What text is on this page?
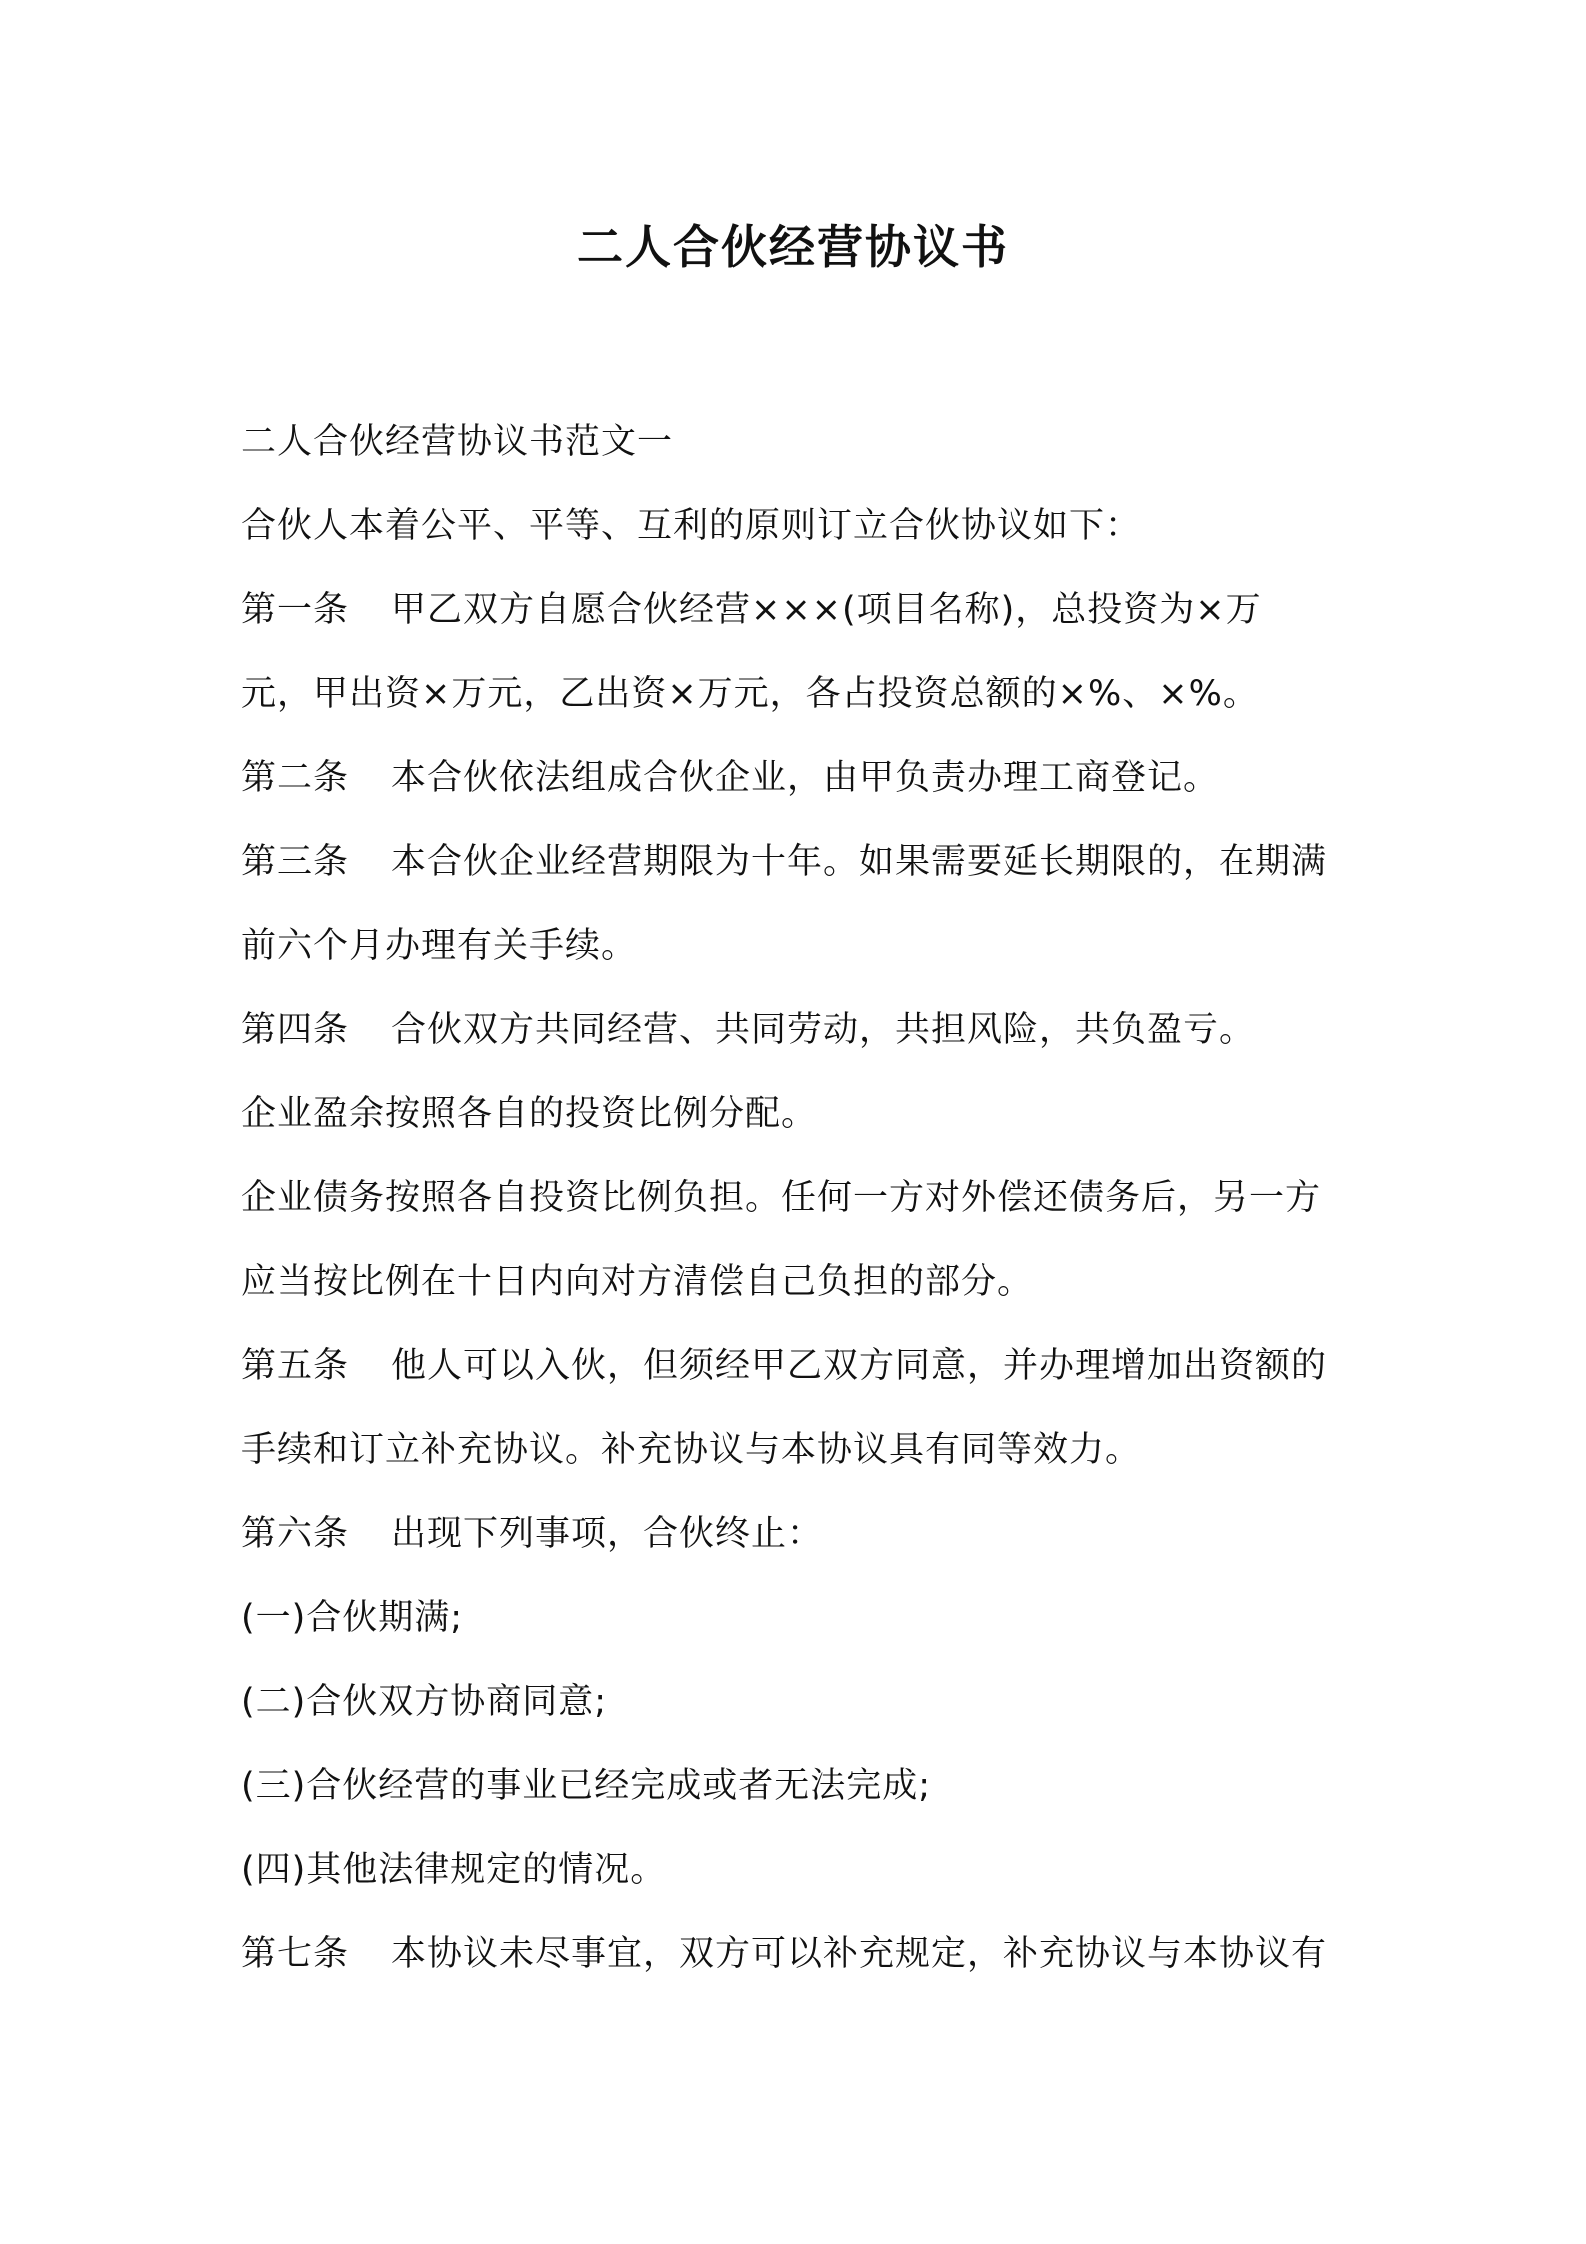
二人合伙经营协议书
二人合伙经营协议书范文一
合伙人本着公平、平等、互利的原则订立合伙协议如下：
第一条 甲乙双方自愿合伙经营×××(项目名称)，总投资为×万
元，甲出资×万元，乙出资×万元，各占投资总额的×%、×%。
第二条 本合伙依法组成合伙企业，由甲负责办理工商登记。
第三条 本合伙企业经营期限为十年。如果需要延长期限的，在期满
前六个月办理有关手续。
第四条 合伙双方共同经营、共同劳动，共担风险，共负盈亏。
企业盈余按照各自的投资比例分配。
企业债务按照各自投资比例负担。任何一方对外偿还债务后，另一方
应当按比例在十日内向对方清偿自己负担的部分。
第五条 他人可以入伙，但须经甲乙双方同意，并办理增加出资额的
手续和订立补充协议。补充协议与本协议具有同等效力。
第六条 出现下列事项，合伙终止：
(一)合伙期满;
(二)合伙双方协商同意;
(三)合伙经营的事业已经完成或者无法完成;
(四)其他法律规定的情况。
第七条 本协议未尽事宜，双方可以补充规定，补充协议与本协议有
